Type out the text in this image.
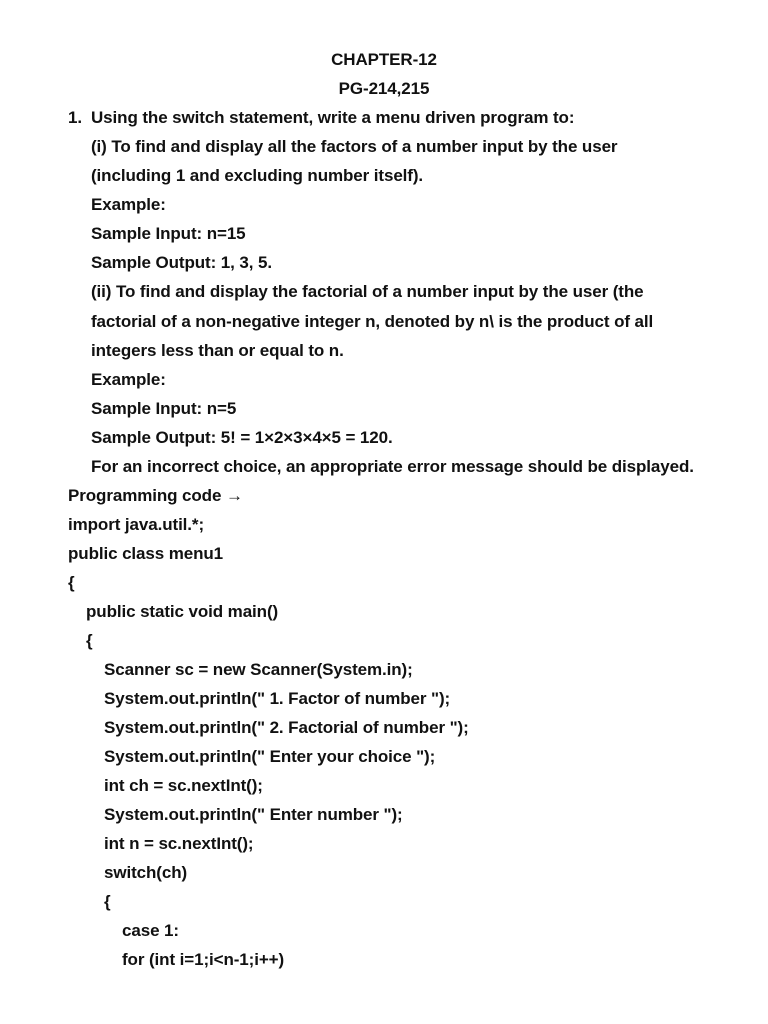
CHAPTER-12
PG-214,215
1. Using the switch statement, write a menu driven program to:
(i) To find and display all the factors of a number input by the user
(including 1 and excluding number itself).
Example:
Sample Input: n=15
Sample Output: 1, 3, 5.
(ii) To find and display the factorial of a number input by the user (the
factorial of a non-negative integer n, denoted by n\ is the product of all
integers less than or equal to n.
Example:
Sample Input: n=5
Sample Output: 5! = 1×2×3×4×5 = 120.
For an incorrect choice, an appropriate error message should be displayed.
Programming code →
import java.util.*;
public class menu1
{
public static void main()
{
Scanner sc = new Scanner(System.in);
System.out.println(" 1. Factor of number ");
System.out.println(" 2. Factorial of number ");
System.out.println(" Enter your choice ");
int ch = sc.nextInt();
System.out.println(" Enter number ");
int n = sc.nextInt();
switch(ch)
{
case 1:
for (int i=1;i<n-1;i++)
